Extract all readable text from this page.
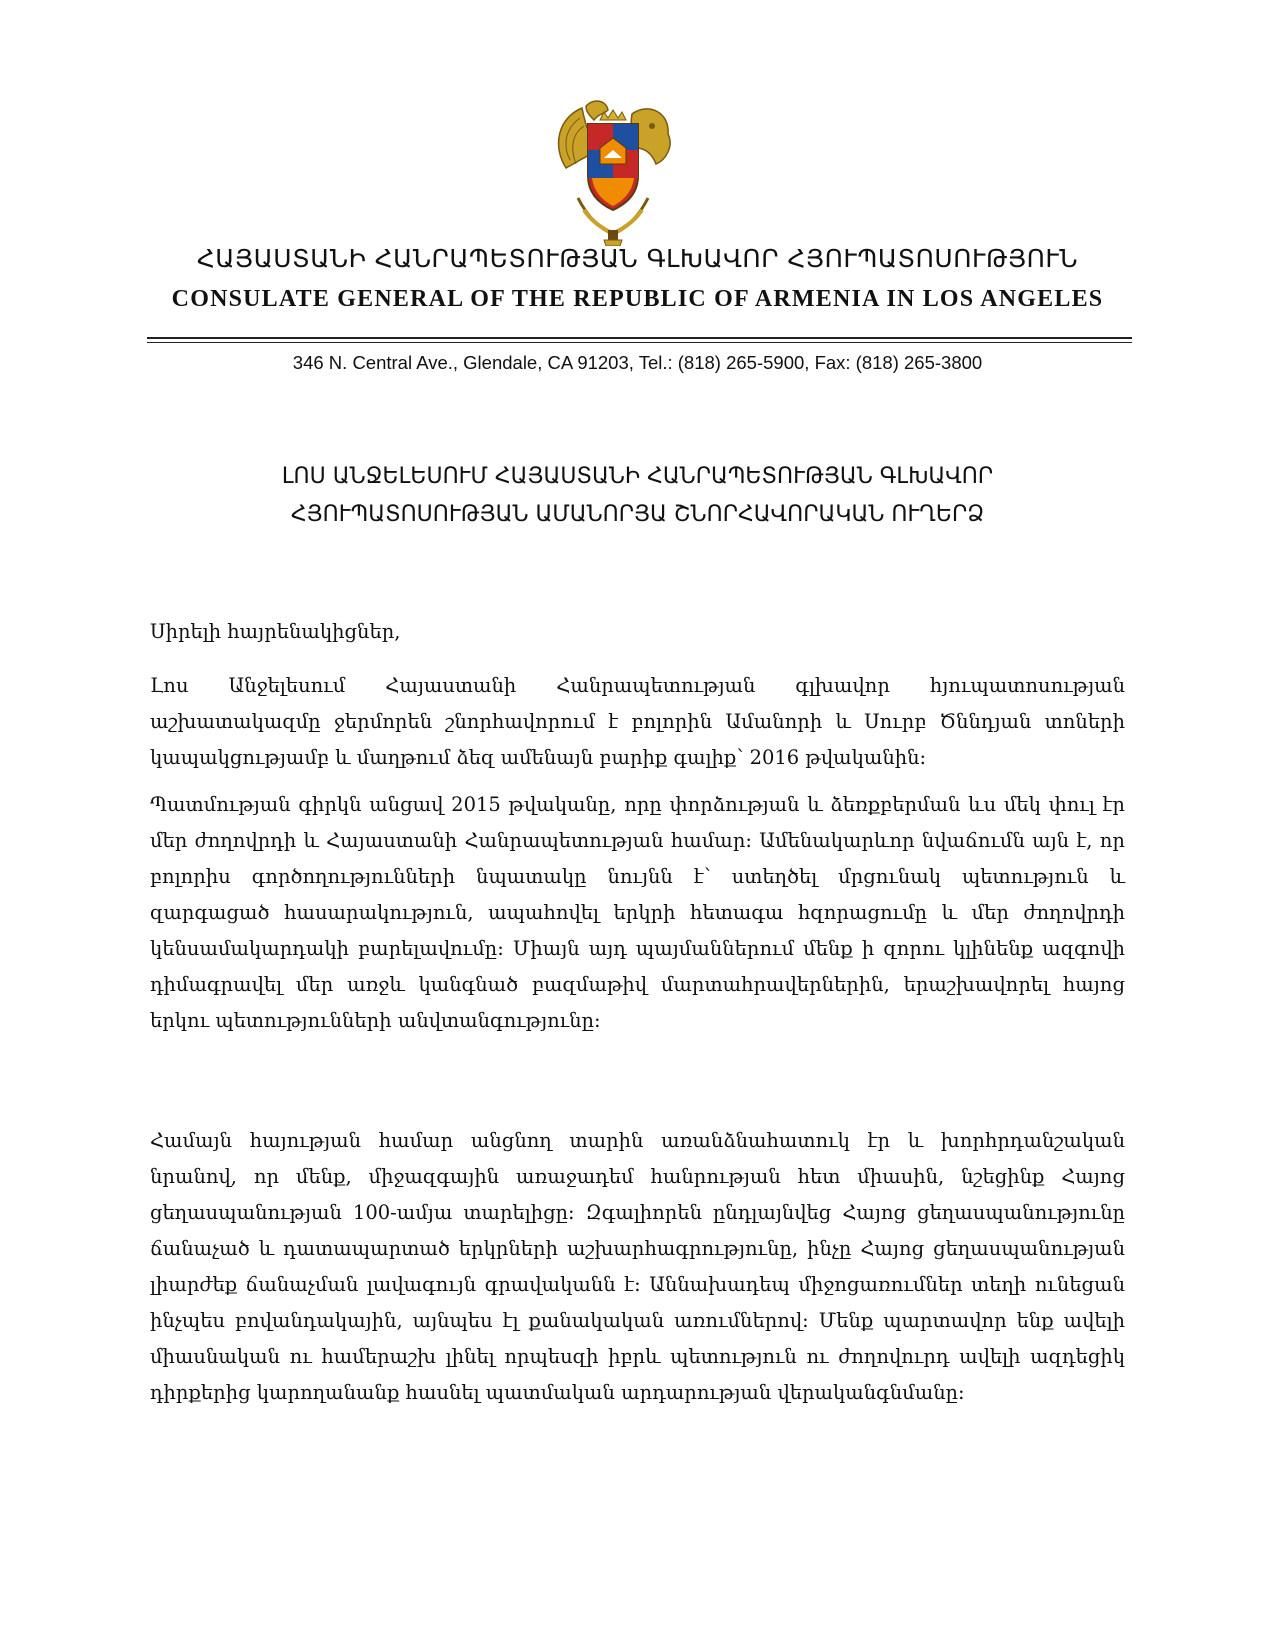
ՀԱՅԱՍՏԱՆԻ ՀԱՆՐԱՊԵՏՈՒԹՅԱՆ ԳԼԽԱՎՈՐ ՀՅՈՒՊԱՏՈՍՈՒԹՅՈՒՆ
CONSULATE GENERAL OF THE REPUBLIC OF ARMENIA IN LOS ANGELES
346 N. Central Ave., Glendale, CA 91203, Tel.: (818) 265-5900, Fax: (818) 265-3800
ԼՈՍ ԱՆՋԵԼԵՍՈՒՄ ՀԱՅԱՍՏԱՆԻ ՀԱՆՐԱՊԵՏՈՒԹՅԱՆ ԳԼԽԱՎՈՐ
ՀՅՈՒՊԱՏՈՍՈՒԹՅԱՆ ԱՄԱՆՈՐՅԱ ՇՆՈՐՀԱՎՈՐԱԿԱՆ ՈՒՂԵՐՁ
Սիրելի հայրենակիցներ,
Լոս Անջելեսում Հայաստանի Հանրապետության գլխավոր հյուպատոսության աշխատակազմը ջերմորեն շնորհավորում է բոլորին Ամանորի և Սուրբ Ծննդյան տոների կապակցությամբ և մաղթում ձեզ ամենայն բարիք գալիք՝ 2016 թվականին:
Պատմության գիրկն անցավ 2015 թվականը, որը փորձության և ձեռքբերման ևս մեկ փուլ էր մեր ժողովրդի և Հայաստանի Հանրապետության համար: Ամենակարևոր նվաճումն այն է, որ բոլորիս գործողությունների նպատակը նույնն է՝ ստեղծել մրցունակ պետություն և զարգացած հասարակություն, ապահովել երկրի հետագա հզորացումը և մեր ժողովրդի կենսամակարդակի բարելավումը: Միայն այդ պայմաններում մենք ի զորու կլինենք ազգովի դիմագրավել մեր առջև կանգնած բազմաթիվ մարտահրավերներին, երաշխավորել հայոց երկու պետությունների անվտանգությունը:
Համայն հայության համար անցնող տարին առանձնահատուկ էր և խորհրդանշական նրանով, որ մենք, միջազգային առաջադեմ հանրության հետ միասին, նշեցինք Հայոց ցեղասպանության 100-ամյա տարելիցը: Զգալիորեն ընդլայնվեց Հայոց ցեղասպանությունը ճանաչած և դատապարտած երկրների աշխարհագրությունը, ինչը Հայոց ցեղասպանության լիարժեք ճանաչման լավագույն գրավականն է: Աննախադեպ միջոցառումներ տեղի ունեցան ինչպես բովանդակային, այնպես էլ քանակական առումներով: Մենք պարտավոր ենք ավելի միասնական ու համերաշխ լինել որպեսզի իբրև պետություն ու ժողովուրդ ավելի ազդեցիկ դիրքերից կարողանանք հասնել պատմական արդարության վերականգնմանը:
